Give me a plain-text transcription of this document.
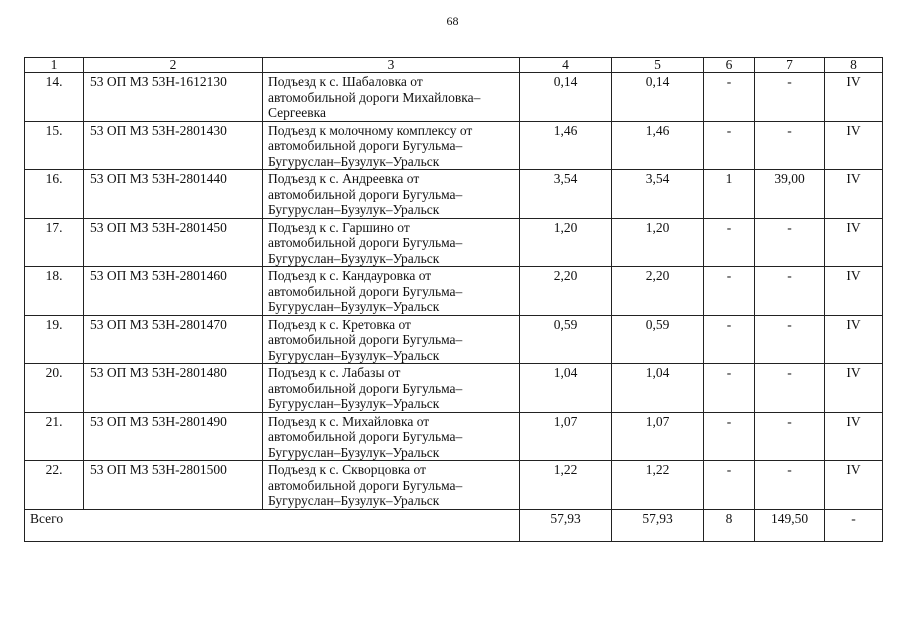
68
1	2	3	4	5	6	7	8
14.	53 ОП МЗ 53Н-1612130	Подъезд к с. Шабаловка от
автомобильной дороги Михайловка–
Сергеевка	0,14	0,14	-	-	IV
15.	53 ОП МЗ 53Н-2801430	Подъезд к молочному комплексу от
автомобильной дороги Бугульма–
Бугуруслан–Бузулук–Уральск	1,46	1,46	-	-	IV
16.	53 ОП МЗ 53Н-2801440	Подъезд к с. Андреевка от
автомобильной дороги Бугульма–
Бугуруслан–Бузулук–Уральск	3,54	3,54	1	39,00	IV
17.	53 ОП МЗ 53Н-2801450	Подъезд к с. Гаршино от
автомобильной дороги Бугульма–
Бугуруслан–Бузулук–Уральск	1,20	1,20	-	-	IV
18.	53 ОП МЗ 53Н-2801460	Подъезд к с. Кандауровка от
автомобильной дороги Бугульма–
Бугуруслан–Бузулук–Уральск	2,20	2,20	-	-	IV
19.	53 ОП МЗ 53Н-2801470	Подъезд к с. Кретовка от
автомобильной дороги Бугульма–
Бугуруслан–Бузулук–Уральск	0,59	0,59	-	-	IV
20.	53 ОП МЗ 53Н-2801480	Подъезд к с. Лабазы от
автомобильной дороги Бугульма–
Бугуруслан–Бузулук–Уральск	1,04	1,04	-	-	IV
21.	53 ОП МЗ 53Н-2801490	Подъезд к с. Михайловка от
автомобильной дороги Бугульма–
Бугуруслан–Бузулук–Уральск	1,07	1,07	-	-	IV
22.	53 ОП МЗ 53Н-2801500	Подъезд к с. Скворцовка от
автомобильной дороги Бугульма–
Бугуруслан–Бузулук–Уральск	1,22	1,22	-	-	IV
Всего			57,93	57,93	8	149,50	-
